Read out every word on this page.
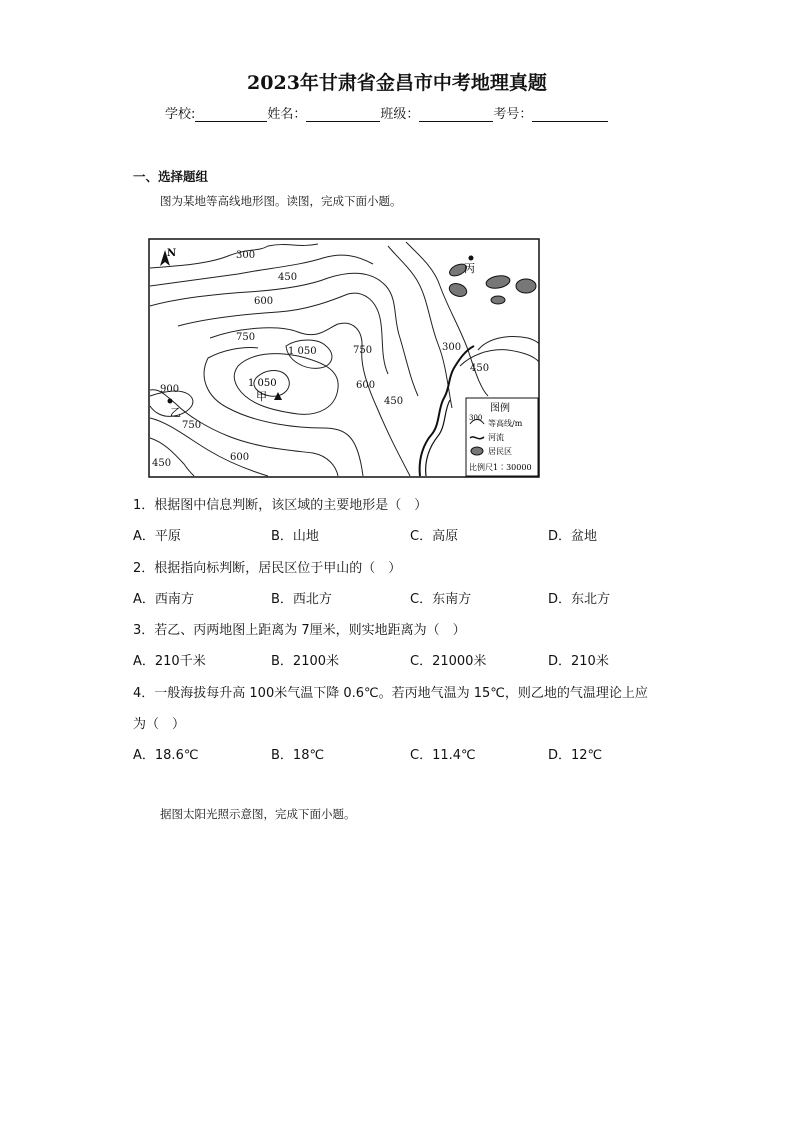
2023年甘肃省金昌市中考地理真题
学校:	姓名：	班级：	考号：
一、选择题组
图为某地等高线地形图。读图，完成下面小题。
N	300
450
600
750
1 050	750
600
450
300
450
900
750
450
600
1 050
甲
乙
丙
图例
300
等高线/m
河流
居民区
比例尺1∶30000
1．根据图中信息判断，该区域的主要地形是（　）
A．平原	B．山地	C．高原	D．盆地
2．根据指向标判断，居民区位于甲山的（　）
A．西南方	B．西北方	C．东南方	D．东北方
3．若乙、丙两地图上距离为 7厘米，则实地距离为（　）
A．210千米	B．2100米	C．21000米	D．210米
4．一般海拔每升高 100米气温下降 0.6℃。若丙地气温为 15℃，则乙地的气温理论上应
为（　）
A．18.6℃	B．18℃	C．11.4℃	D．12℃
据图太阳光照示意图，完成下面小题。
